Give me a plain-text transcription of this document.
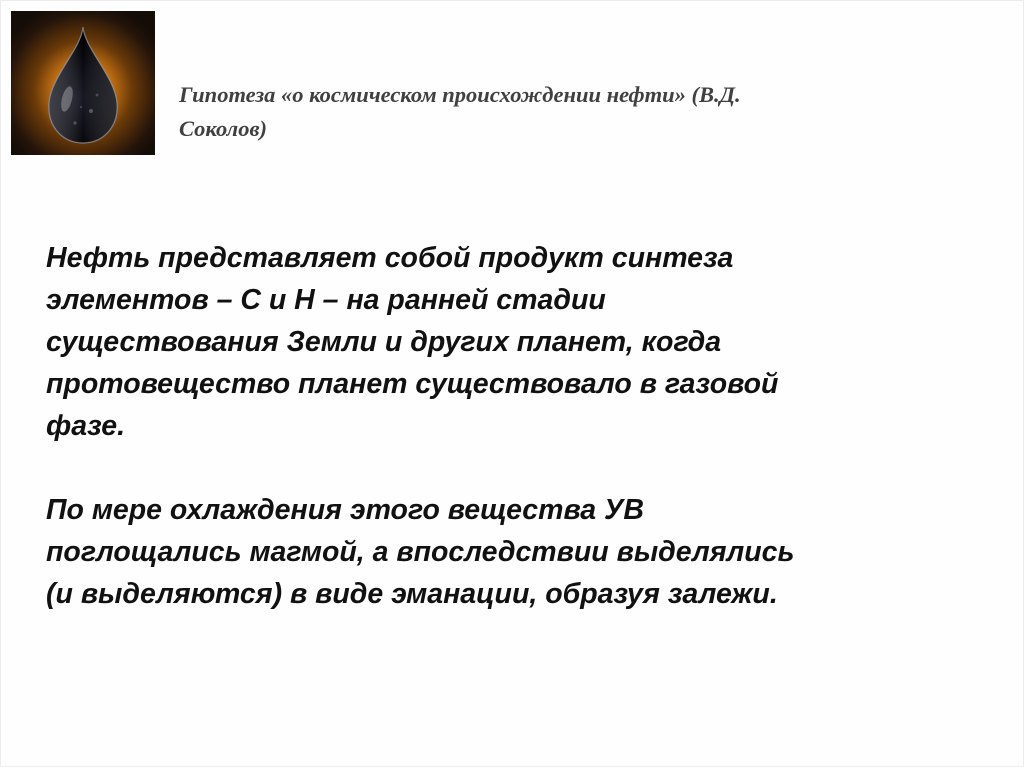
Гипотеза «о космическом происхождении нефти» (В.Д.
Соколов)

Нефть представляет собой продукт синтеза
элементов – С и Н – на ранней стадии
существования Земли и других планет, когда
протовещество планет существовало в газовой
фазе.

По мере охлаждения этого вещества УВ
поглощались магмой, а впоследствии выделялись
(и выделяются) в виде эманации, образуя залежи.
